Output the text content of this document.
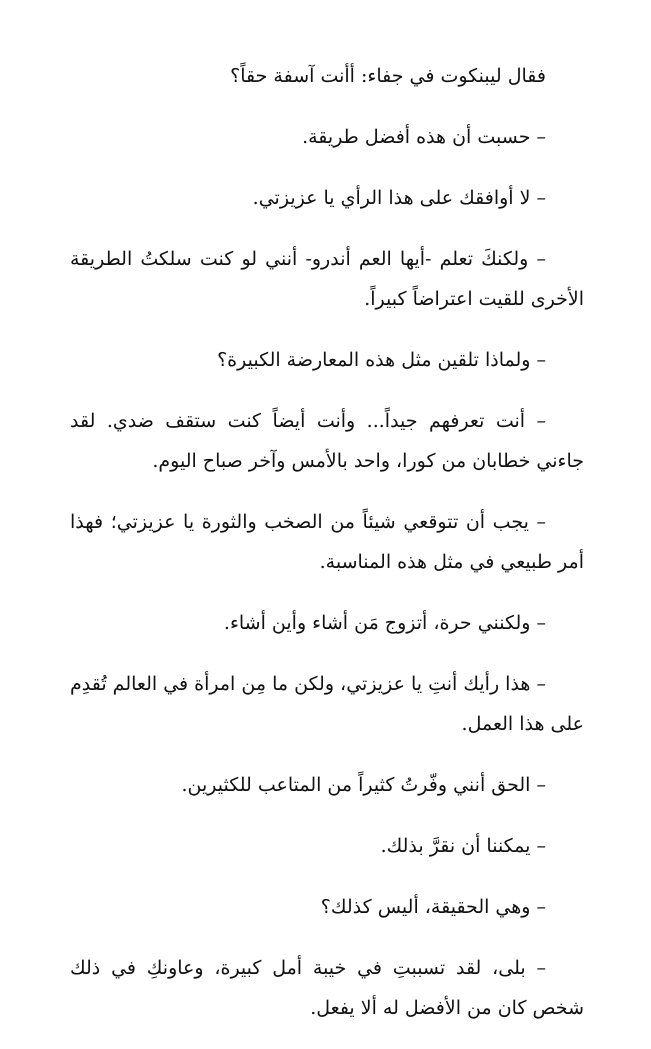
فقال ليبنكوت في جفاء: أأنت آسفة حقاً؟

– حسبت أن هذه أفضل طريقة.

– لا أوافقك على هذا الرأي يا عزيزتي.

– ولكنكَ تعلم -أيها العم أندرو- أنني لو كنت سلكتُ الطريقة الأخرى للقيت اعتراضاً كبيراً.

– ولماذا تلقين مثل هذه المعارضة الكبيرة؟

– أنت تعرفهم جيداً... وأنت أيضاً كنت ستقف ضدي. لقد جاءني خطابان من كورا، واحد بالأمس وآخر صباح اليوم.

– يجب أن تتوقعي شيئاً من الصخب والثورة يا عزيزتي؛ فهذا أمر طبيعي في مثل هذه المناسبة.

– ولكنني حرة، أتزوج مَن أشاء وأين أشاء.

– هذا رأيك أنتِ يا عزيزتي، ولكن ما مِن امرأة في العالم تُقدِم على هذا العمل.

– الحق أنني وفّرتُ كثيراً من المتاعب للكثيرين.

– يمكننا أن نقرَّ بذلك.

– وهي الحقيقة، أليس كذلك؟

– بلى، لقد تسببتِ في خيبة أمل كبيرة، وعاونكِ في ذلك شخص كان من الأفضل له ألا يفعل.
